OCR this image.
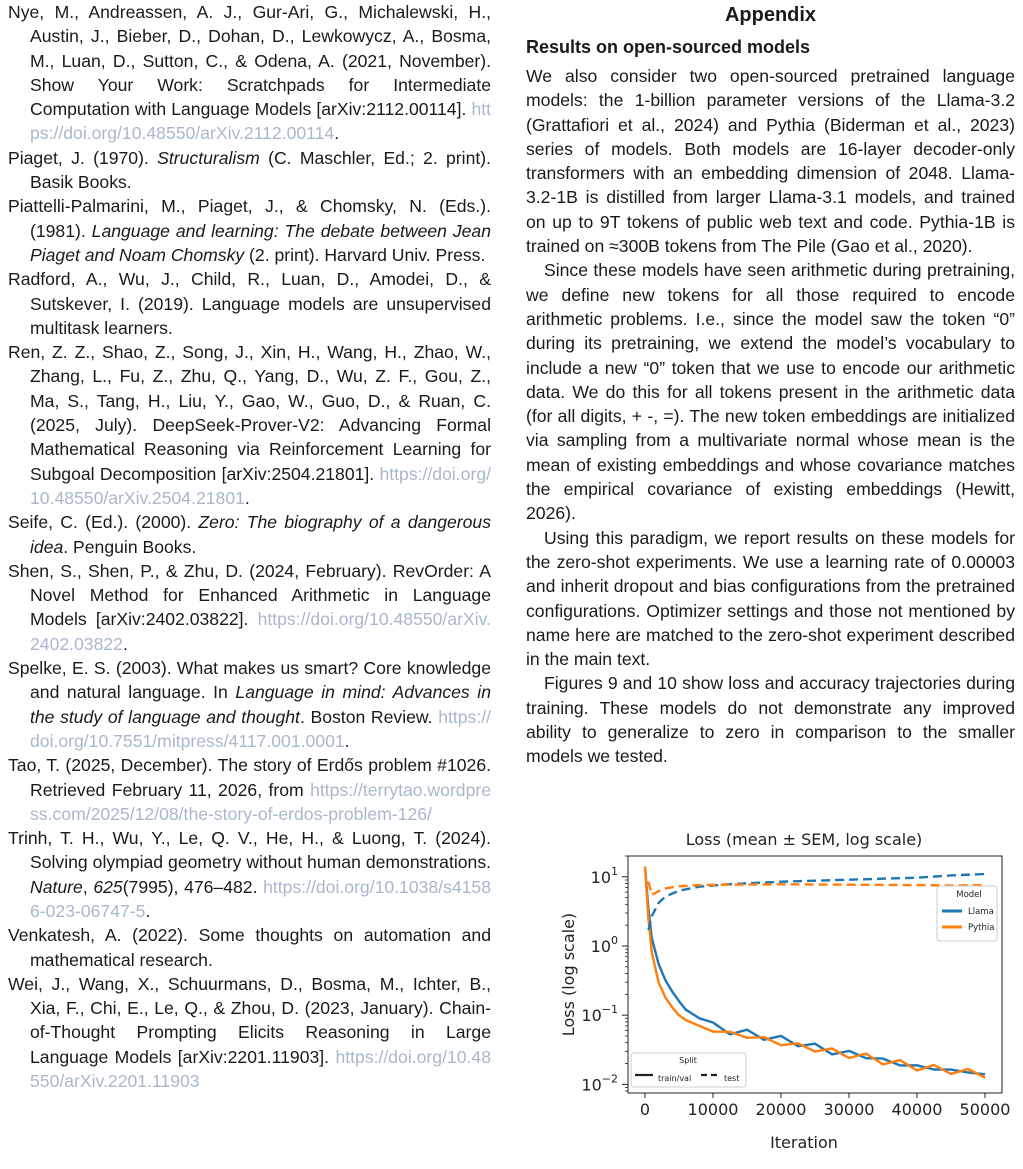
Nye, M., Andreassen, A. J., Gur-Ari, G., Michalewski, H., Austin, J., Bieber, D., Dohan, D., Lewkowycz, A., Bosma, M., Luan, D., Sutton, C., & Odena, A. (2021, November). Show Your Work: Scratchpads for Intermediate Computation with Language Models [arXiv:2112.00114]. https://doi.org/10.48550/arXiv.2112.00114.

Piaget, J. (1970). Structuralism (C. Maschler, Ed.; 2. print). Basik Books.

Piattelli-Palmarini, M., Piaget, J., & Chomsky, N. (Eds.). (1981). Language and learning: The debate between Jean Piaget and Noam Chomsky (2. print). Harvard Univ. Press.

Radford, A., Wu, J., Child, R., Luan, D., Amodei, D., & Sutskever, I. (2019). Language models are unsupervised multitask learners.

Ren, Z. Z., Shao, Z., Song, J., Xin, H., Wang, H., Zhao, W., Zhang, L., Fu, Z., Zhu, Q., Yang, D., Wu, Z. F., Gou, Z., Ma, S., Tang, H., Liu, Y., Gao, W., Guo, D., & Ruan, C. (2025, July). DeepSeek-Prover-V2: Advancing Formal Mathematical Reasoning via Reinforcement Learning for Subgoal Decomposition [arXiv:2504.21801]. https://doi.org/10.48550/arXiv.2504.21801.

Seife, C. (Ed.). (2000). Zero: The biography of a dangerous idea. Penguin Books.

Shen, S., Shen, P., & Zhu, D. (2024, February). RevOrder: A Novel Method for Enhanced Arithmetic in Language Models [arXiv:2402.03822]. https://doi.org/10.48550/arXiv.2402.03822.

Spelke, E. S. (2003). What makes us smart? Core knowledge and natural language. In Language in mind: Advances in the study of language and thought. Boston Review. https://doi.org/10.7551/mitpress/4117.001.0001.

Tao, T. (2025, December). The story of Erdős problem #1026. Retrieved February 11, 2026, from https://terrytao.wordpress.com/2025/12/08/the-story-of-erdos-problem-126/

Trinh, T. H., Wu, Y., Le, Q. V., He, H., & Luong, T. (2024). Solving olympiad geometry without human demonstrations. Nature, 625(7995), 476–482. https://doi.org/10.1038/s41586-023-06747-5.

Venkatesh, A. (2022). Some thoughts on automation and mathematical research.

Wei, J., Wang, X., Schuurmans, D., Bosma, M., Ichter, B., Xia, F., Chi, E., Le, Q., & Zhou, D. (2023, January). Chain-of-Thought Prompting Elicits Reasoning in Large Language Models [arXiv:2201.11903]. https://doi.org/10.48550/arXiv.2201.11903

Appendix
Results on open-sourced models

We also consider two open-sourced pretrained language models: the 1-billion parameter versions of the Llama-3.2 (Grattafiori et al., 2024) and Pythia (Biderman et al., 2023) series of models. Both models are 16-layer decoder-only transformers with an embedding dimension of 2048. Llama-3.2-1B is distilled from larger Llama-3.1 models, and trained on up to 9T tokens of public web text and code. Pythia-1B is trained on ≈300B tokens from The Pile (Gao et al., 2020).

Since these models have seen arithmetic during pretraining, we define new tokens for all those required to encode arithmetic problems. I.e., since the model saw the token “0” during its pretraining, we extend the model’s vocabulary to include a new “0” token that we use to encode our arithmetic data. We do this for all tokens present in the arithmetic data (for all digits, + -, =). The new token embeddings are initialized via sampling from a multivariate normal whose mean is the mean of existing embeddings and whose covariance matches the empirical covariance of existing embeddings (Hewitt, 2026).

Using this paradigm, we report results on these models for the zero-shot experiments. We use a learning rate of 0.00003 and inherit dropout and bias configurations from the pretrained configurations. Optimizer settings and those not mentioned by name here are matched to the zero-shot experiment described in the main text.

Figures 9 and 10 show loss and accuracy trajectories during training. These models do not demonstrate any improved ability to generalize to zero in comparison to the smaller models we tested.

Loss (mean ± SEM, log scale)
Loss (log scale)
Iteration
0 10000 20000 30000 40000 50000
$10^1$
$10^0$
$10^{-1}$
$10^{-2}$
Model
Llama
Pythia
Split
train/val	test
